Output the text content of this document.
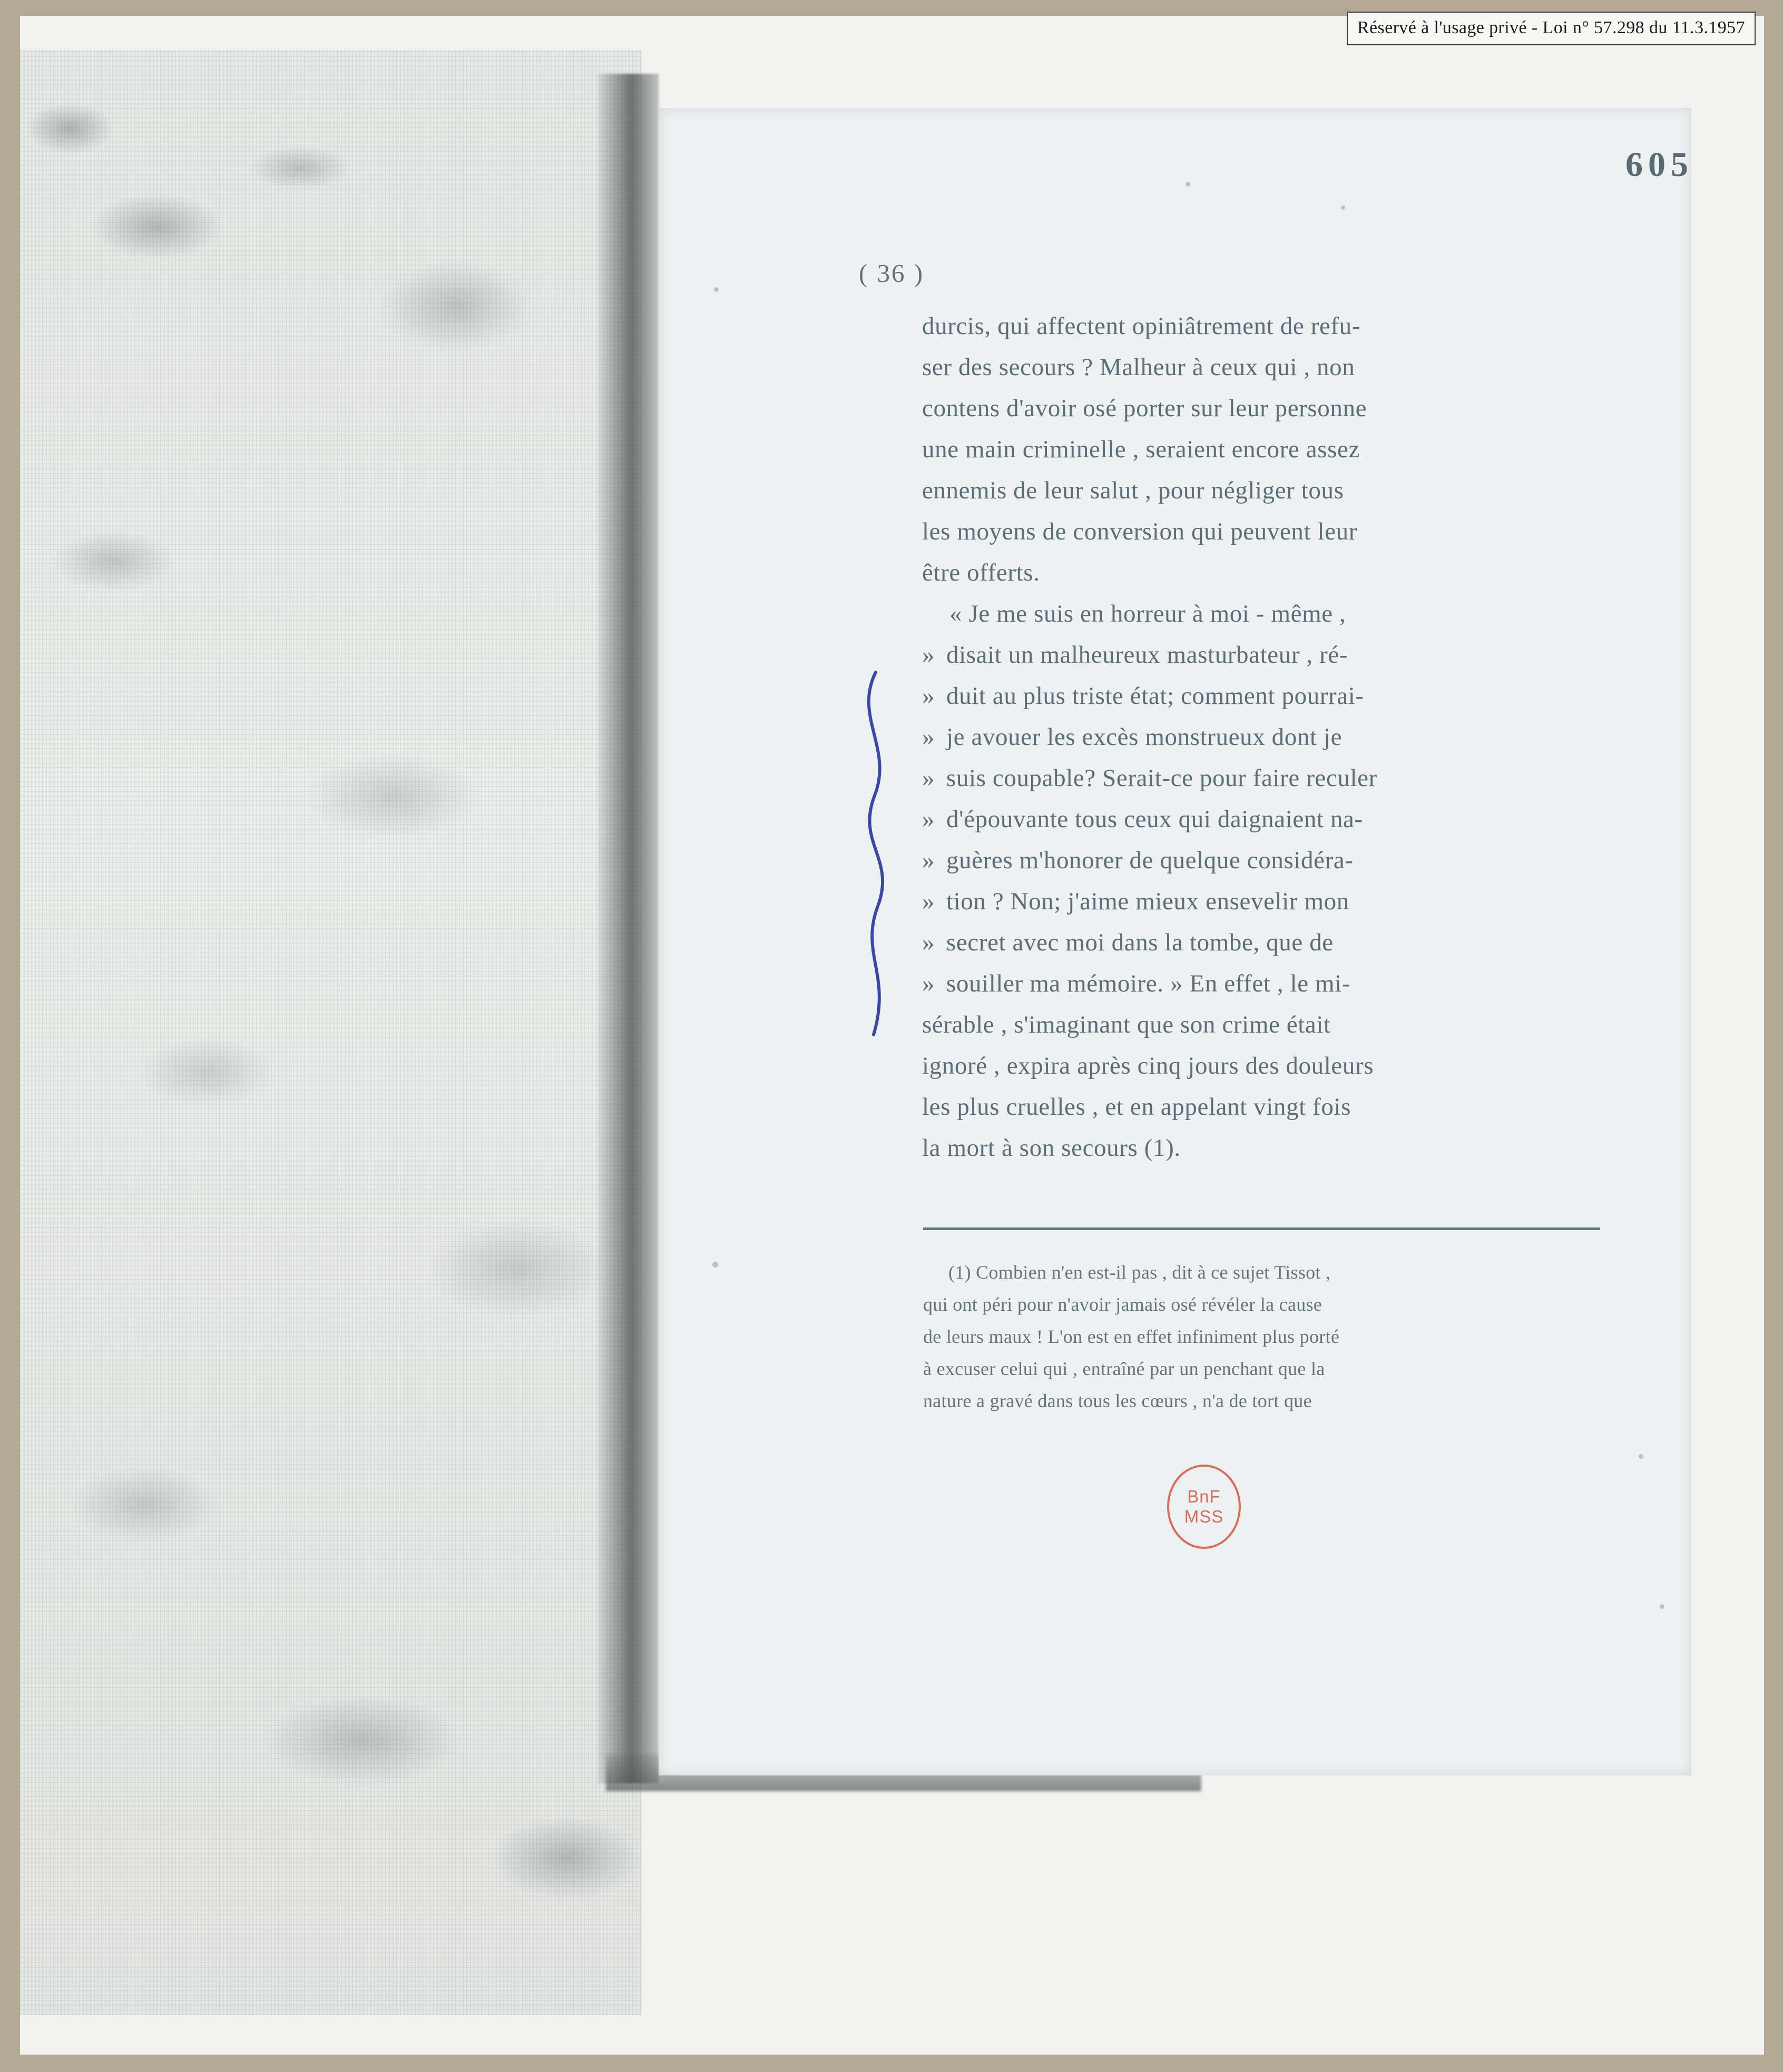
Réservé à l'usage privé - Loi n° 57.298 du 11.3.1957
605
( 36 )

durcis, qui affectent opiniâtrement de refu-
ser des secours ? Malheur à ceux qui , non
contens d'avoir osé porter sur leur personne
une main criminelle , seraient encore assez
ennemis de leur salut , pour négliger tous
les moyens de conversion qui peuvent leur
être offerts.

« Je me suis en horreur à moi - même ,
» disait un malheureux masturbateur , ré-
» duit au plus triste état; comment pourrai-
» je avouer les excès monstrueux dont je
» suis coupable? Serait-ce pour faire reculer
» d'épouvante tous ceux qui daignaient na-
» guères m'honorer de quelque considéra-
» tion ? Non; j'aime mieux ensevelir mon
» secret avec moi dans la tombe, que de
» souiller ma mémoire. » En effet , le mi-
sérable , s'imaginant que son crime était
ignoré , expira après cinq jours des douleurs
les plus cruelles , et en appelant vingt fois
la mort à son secours (1).

(1) Combien n'en est-il pas , dit à ce sujet Tissot ,
qui ont péri pour n'avoir jamais osé révéler la cause
de leurs maux ! L'on est en effet infiniment plus porté
à excuser celui qui , entraîné par un penchant que la
nature a gravé dans tous les cœurs , n'a de tort que
BnF
MSS
